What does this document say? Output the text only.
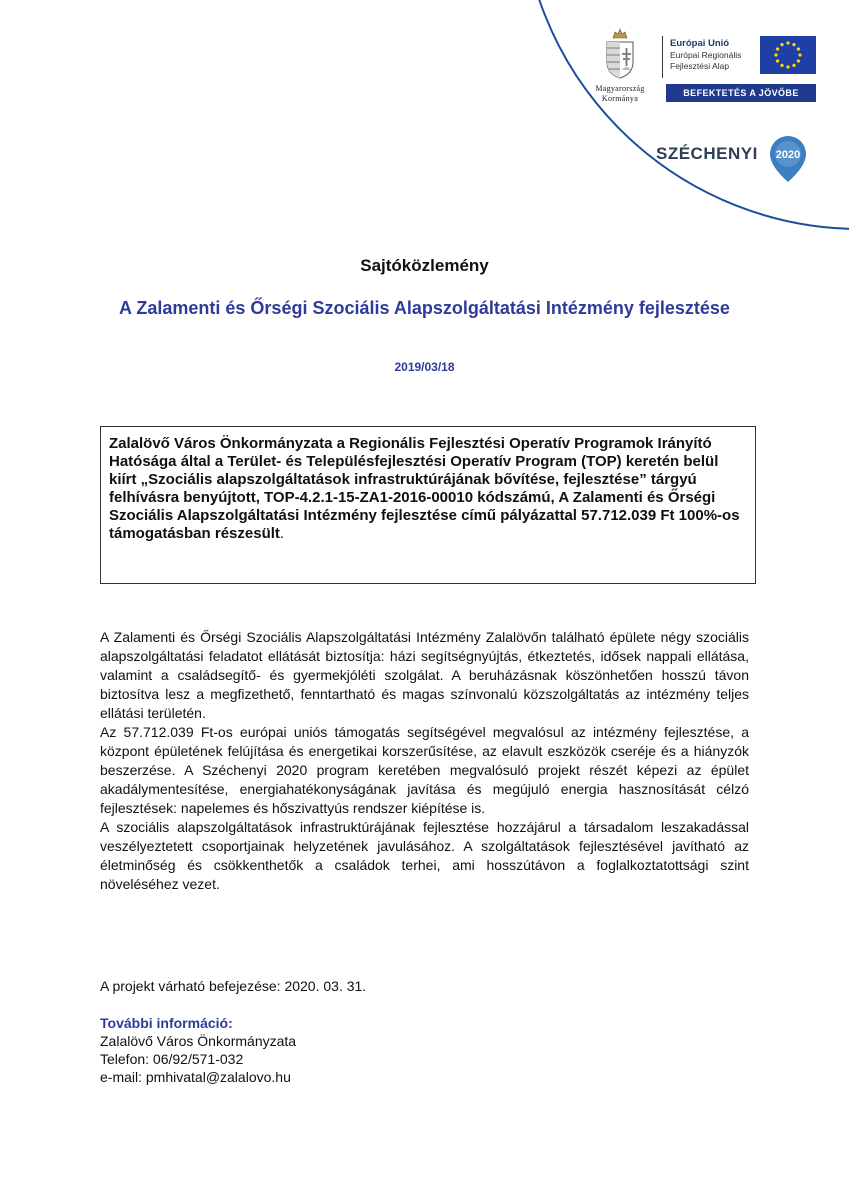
Magyarország
Kormánya
Európai Unió
Európai Regionális
Fejlesztési Alap
BEFEKTETÉS A JÖVŐBE
SZÉCHENYI 2020
Sajtóközlemény
A Zalamenti és Őrségi Szociális Alapszolgáltatási Intézmény fejlesztése
2019/03/18
Zalalövő Város Önkormányzata a Regionális Fejlesztési Operatív Programok Irányító Hatósága által a Terület- és Településfejlesztési Operatív Program (TOP) keretén belül kiírt „Szociális alapszolgáltatások infrastruktúrájának bővítése, fejlesztése” tárgyú felhívásra benyújtott, TOP-4.2.1-15-ZA1-2016-00010 kódszámú, A Zalamenti és Őrségi Szociális Alapszolgáltatási Intézmény fejlesztése című pályázattal 57.712.039 Ft 100%-os támogatásban részesült.

A Zalamenti és Őrségi Szociális Alapszolgáltatási Intézmény Zalalövőn található épülete négy szociális alapszolgáltatási feladatot ellátását biztosítja: házi segítségnyújtás, étkeztetés, idősek nappali ellátása, valamint a családsegítő- és gyermekjóléti szolgálat. A beruházásnak köszönhetően hosszú távon biztosítva lesz a megfizethető, fenntartható és magas színvonalú közszolgáltatás az intézmény teljes ellátási területén.

Az 57.712.039 Ft-os európai uniós támogatás segítségével megvalósul az intézmény fejlesztése, a központ épületének felújítása és energetikai korszerűsítése, az elavult eszközök cseréje és a hiányzók beszerzése. A Széchenyi 2020 program keretében megvalósuló projekt részét képezi az épület akadálymentesítése, energiahatékonyságának javítása és megújuló energia hasznosítását célzó fejlesztések: napelemes és hőszivattyús rendszer kiépítése is.

A szociális alapszolgáltatások infrastruktúrájának fejlesztése hozzájárul a társadalom leszakadással veszélyeztetett csoportjainak helyzetének javulásához. A szolgáltatások fejlesztésével javítható az életminőség és csökkenthetők a családok terhei, ami hosszútávon a foglalkoztatottsági szint növeléséhez vezet.

A projekt várható befejezése: 2020. 03. 31.
További információ:
Zalalövő Város Önkormányzata
Telefon: 06/92/571-032
e-mail: pmhivatal@zalalovo.hu
